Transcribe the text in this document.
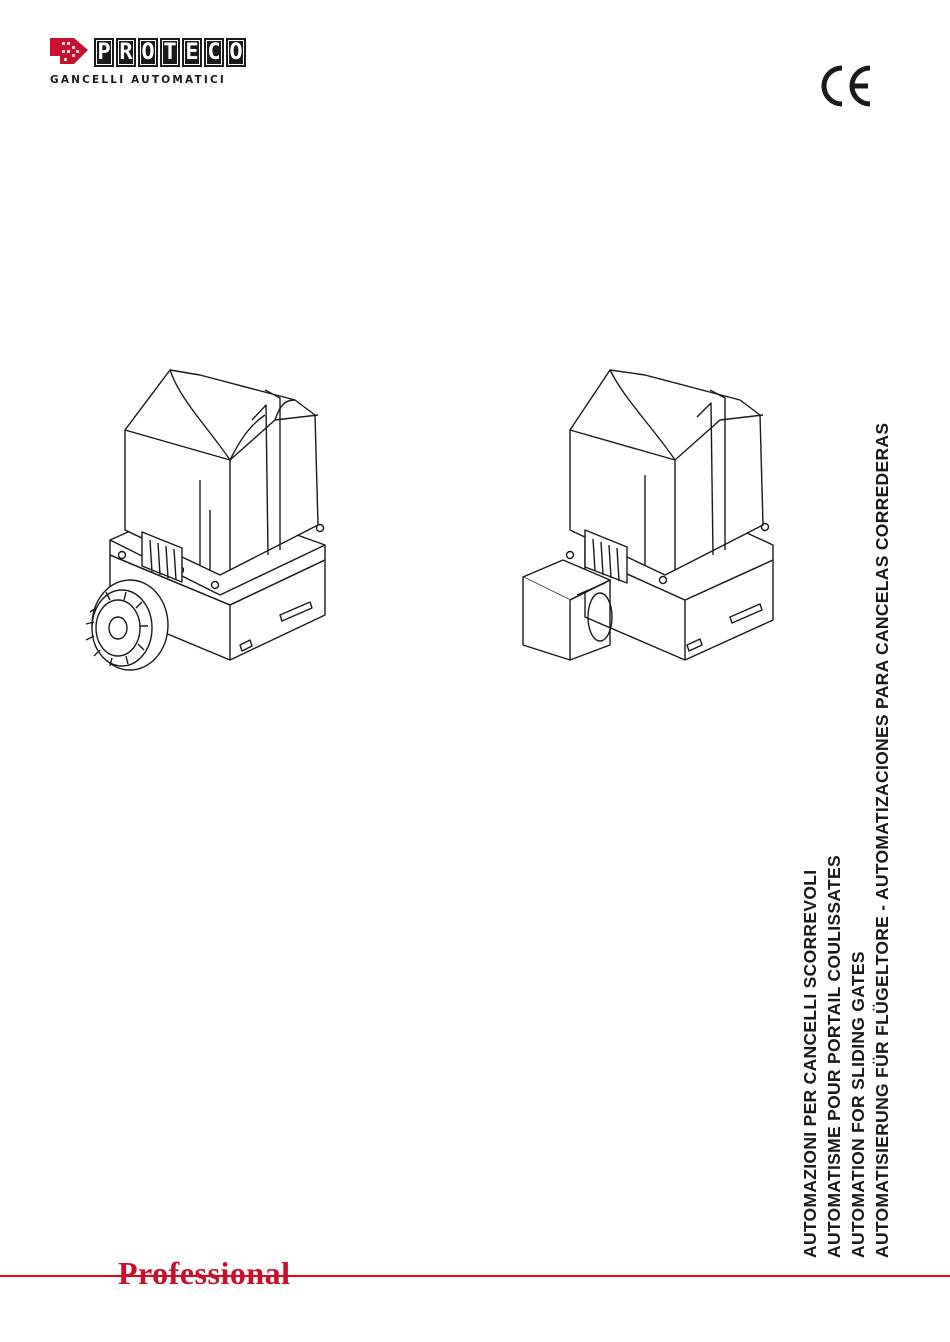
P R O T E C O
GANCELLI AUTOMATICI
AUTOMAZIONI PER CANCELLI SCORREVOLI AUTOMATISME POUR PORTAIL COULISSATES AUTOMATION FOR SLIDING GATES AUTOMATISIERUNG FÜR FLÜGELTORE - AUTOMATIZACIONES PARA CANCELAS CORREDERAS
Professional
